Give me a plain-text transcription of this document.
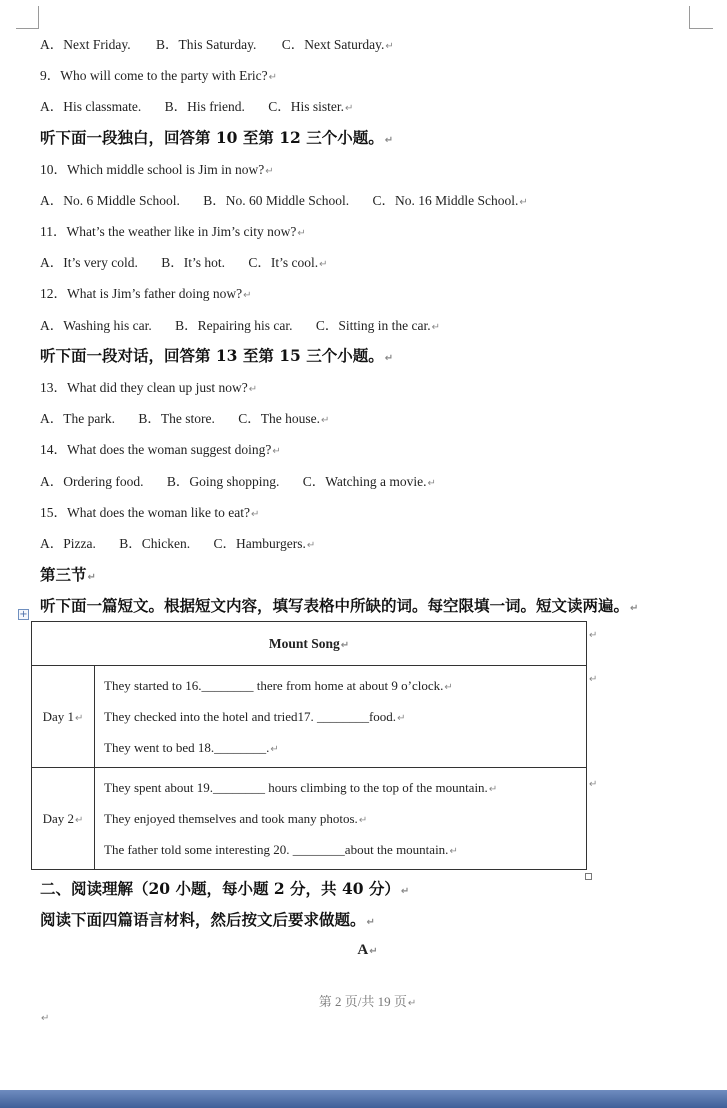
A．Next Friday. B．This Saturday. C．Next Saturday.↵
9．Who will come to the party with Eric?↵
A．His classmate. B．His friend. C．His sister.↵
听下面一段独白，回答第 10 至第 12 三个小题。↵
10．Which middle school is Jim in now?↵
A．No. 6 Middle School. B．No. 60 Middle School. C．No. 16 Middle School.↵
11．What’s the weather like in Jim’s city now?↵
A．It’s very cold. B．It’s hot. C．It’s cool.↵
12．What is Jim’s father doing now?↵
A．Washing his car. B．Repairing his car. C．Sitting in the car.↵
听下面一段对话，回答第 13 至第 15 三个小题。↵
13．What did they clean up just now?↵
A．The park. B．The store. C．The house.↵
14．What does the woman suggest doing?↵
A．Ordering food. B．Going shopping. C．Watching a movie.↵
15．What does the woman like to eat?↵
A．Pizza. B．Chicken. C．Hamburgers.↵
第三节↵
听下面一篇短文。根据短文内容，填写表格中所缺的词。每空限填一词。短文读两遍。↵
+
Mount Song↵	
Day 1↵	They started to 16.________ there from home at about 9 o’clock.↵
They checked into the hotel and tried17. ________food.↵
They went to bed 18.________.↵

Day 2↵	They spent about 19.________ hours climbing to the top of the mountain.↵
They enjoyed themselves and took many photos.↵
The father told some interesting 20. ________about the mountain.↵
↵
↵
↵
二、阅读理解（20 小题，每小题 2 分，共 40 分）↵
阅读下面四篇语言材料，然后按文后要求做题。↵
A↵
第 2 页/共 19 页↵
↵
